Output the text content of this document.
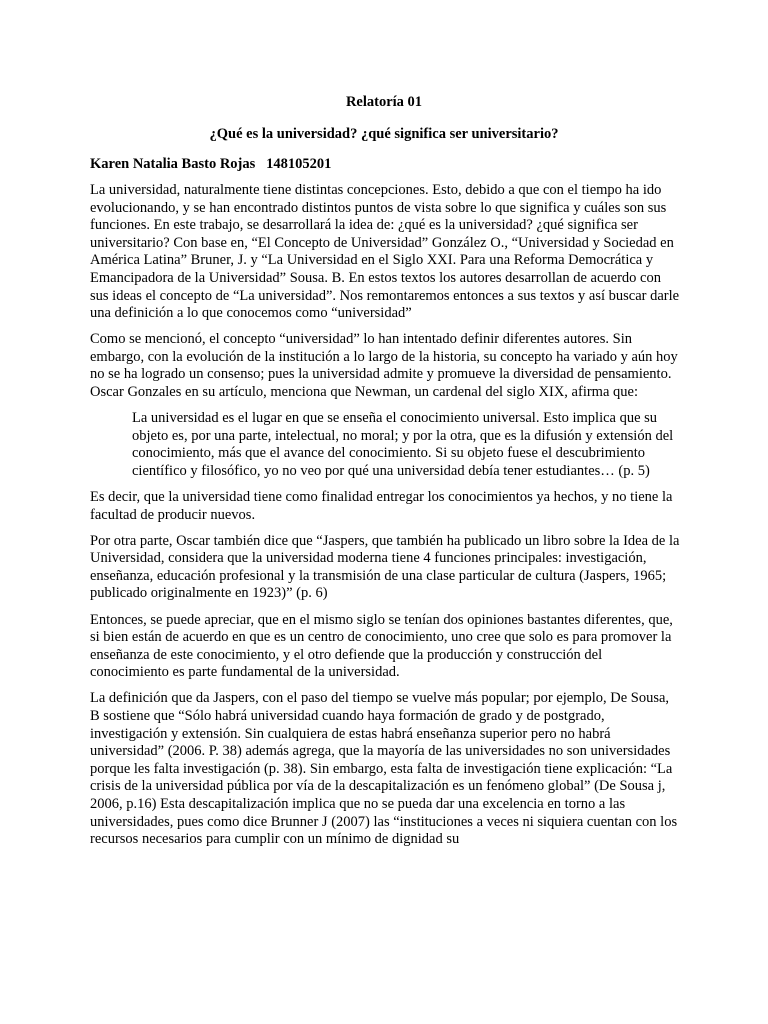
Relatoría 01
¿Qué es la universidad? ¿qué significa ser universitario?
Karen Natalia Basto Rojas   148105201

La universidad, naturalmente tiene distintas concepciones. Esto, debido a que con el tiempo ha ido evolucionando, y se han encontrado distintos puntos de vista sobre lo que significa y cuáles son sus funciones. En este trabajo, se desarrollará la idea de: ¿qué es la universidad? ¿qué significa ser universitario? Con base en, “El Concepto de Universidad” González O., “Universidad y Sociedad en América Latina” Bruner, J. y “La Universidad en el Siglo XXI. Para una Reforma Democrática y Emancipadora de la Universidad” Sousa. B. En estos textos los autores desarrollan de acuerdo con sus ideas el concepto de “La universidad”. Nos remontaremos entonces a sus textos y así buscar darle una definición a lo que conocemos como “universidad”

Como se mencionó, el concepto “universidad” lo han intentado definir diferentes autores. Sin embargo, con la evolución de la institución a lo largo de la historia, su concepto ha variado y aún hoy no se ha logrado un consenso; pues la universidad admite y promueve la diversidad de pensamiento. Oscar Gonzales en su artículo, menciona que Newman, un cardenal del siglo XIX, afirma que:

La universidad es el lugar en que se enseña el conocimiento universal. Esto implica que su objeto es, por una parte, intelectual, no moral; y por la otra, que es la difusión y extensión del conocimiento, más que el avance del conocimiento. Si su objeto fuese el descubrimiento científico y filosófico, yo no veo por qué una universidad debía tener estudiantes… (p. 5)

Es decir, que la universidad tiene como finalidad entregar los conocimientos ya hechos, y no tiene la facultad de producir nuevos.

Por otra parte, Oscar también dice que “Jaspers, que también ha publicado un libro sobre la Idea de la Universidad, considera que la universidad moderna tiene 4 funciones principales: investigación, enseñanza, educación profesional y la transmisión de una clase particular de cultura (Jaspers, 1965; publicado originalmente en 1923)” (p. 6)

Entonces, se puede apreciar, que en el mismo siglo se tenían dos opiniones bastantes diferentes, que, si bien están de acuerdo en que es un centro de conocimiento, uno cree que solo es para promover la enseñanza de este conocimiento, y el otro defiende que la producción y construcción del conocimiento es parte fundamental de la universidad.

La definición que da Jaspers, con el paso del tiempo se vuelve más popular; por ejemplo, De Sousa, B sostiene que “Sólo habrá universidad cuando haya formación de grado y de postgrado, investigación y extensión. Sin cualquiera de estas habrá enseñanza superior pero no habrá universidad” (2006. P. 38) además agrega, que la mayoría de las universidades no son universidades porque les falta investigación (p. 38). Sin embargo, esta falta de investigación tiene explicación: “La crisis de la universidad pública por vía de la descapitalización es un fenómeno global” (De Sousa j, 2006, p.16) Esta descapitalización implica que no se pueda dar una excelencia en torno a las universidades, pues como dice Brunner J (2007) las “instituciones a veces ni siquiera cuentan con los recursos necesarios para cumplir con un mínimo de dignidad su
